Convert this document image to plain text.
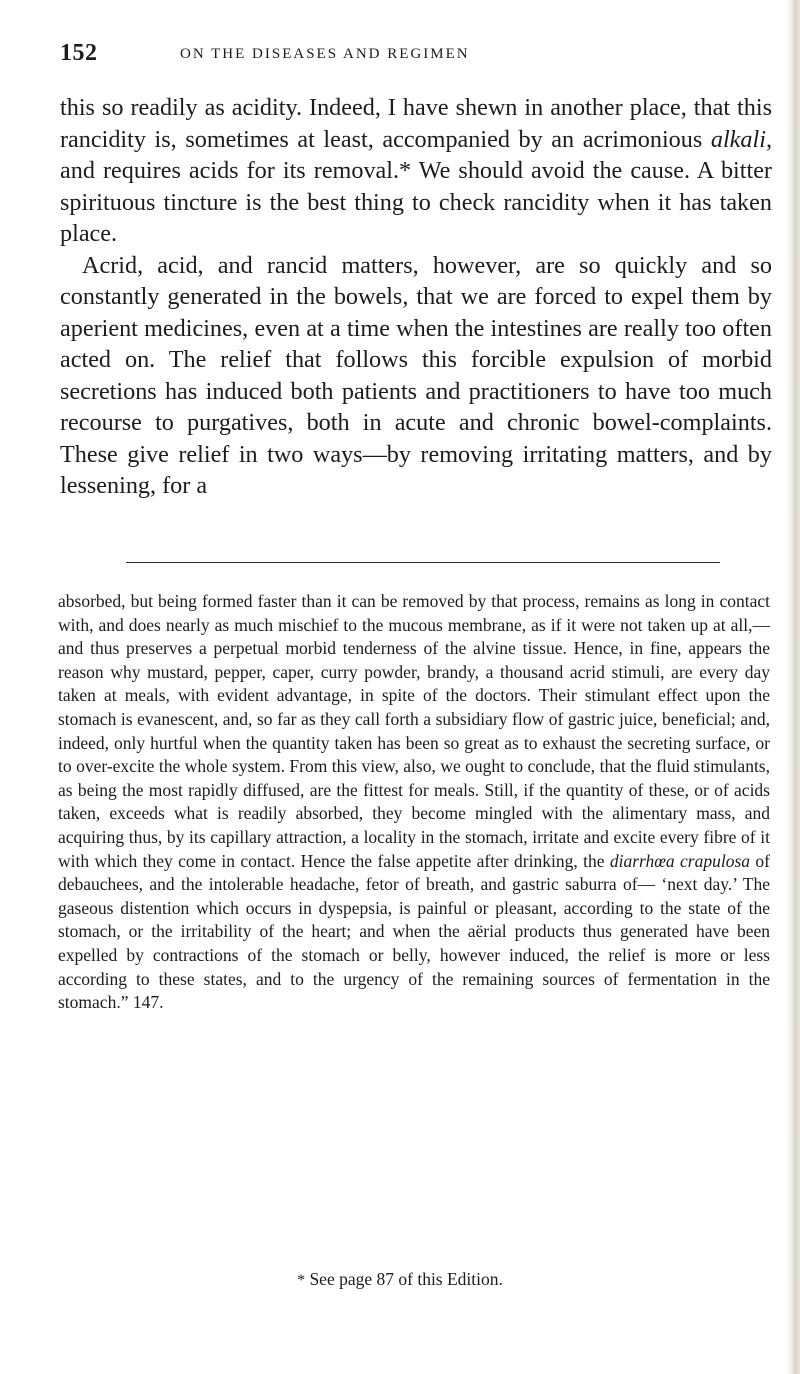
152	ON THE DISEASES AND REGIMEN

this so readily as acidity. Indeed, I have shewn in another place, that this rancidity is, sometimes at least, accompanied by an acrimonious alkali, and requires acids for its removal.* We should avoid the cause. A bitter spirituous tincture is the best thing to check rancidity when it has taken place.

Acrid, acid, and rancid matters, however, are so quickly and so constantly generated in the bowels, that we are forced to expel them by aperient medicines, even at a time when the intestines are really too often acted on. The relief that follows this forcible expulsion of morbid secretions has induced both patients and practitioners to have too much recourse to purgatives, both in acute and chronic bowel-complaints. These give relief in two ways—by removing irritating matters, and by lessening, for a

absorbed, but being formed faster than it can be removed by that process, remains as long in contact with, and does nearly as much mischief to the mucous membrane, as if it were not taken up at all,—and thus preserves a perpetual morbid tenderness of the alvine tissue. Hence, in fine, appears the reason why mustard, pepper, caper, curry powder, brandy, a thousand acrid stimuli, are every day taken at meals, with evident advantage, in spite of the doctors. Their stimulant effect upon the stomach is evanescent, and, so far as they call forth a subsidiary flow of gastric juice, beneficial; and, indeed, only hurtful when the quantity taken has been so great as to exhaust the secreting surface, or to over-excite the whole system. From this view, also, we ought to conclude, that the fluid stimulants, as being the most rapidly diffused, are the fittest for meals. Still, if the quantity of these, or of acids taken, exceeds what is readily absorbed, they become mingled with the alimentary mass, and acquiring thus, by its capillary attraction, a locality in the stomach, irritate and excite every fibre of it with which they come in contact. Hence the false appetite after drinking, the diarrhœa crapulosa of debauchees, and the intolerable headache, fetor of breath, and gastric saburra of— ‘next day.’ The gaseous distention which occurs in dyspepsia, is painful or pleasant, according to the state of the stomach, or the irritability of the heart; and when the aërial products thus generated have been expelled by contractions of the stomach or belly, however induced, the relief is more or less according to these states, and to the urgency of the remaining sources of fermentation in the stomach.” 147.

* See page 87 of this Edition.
